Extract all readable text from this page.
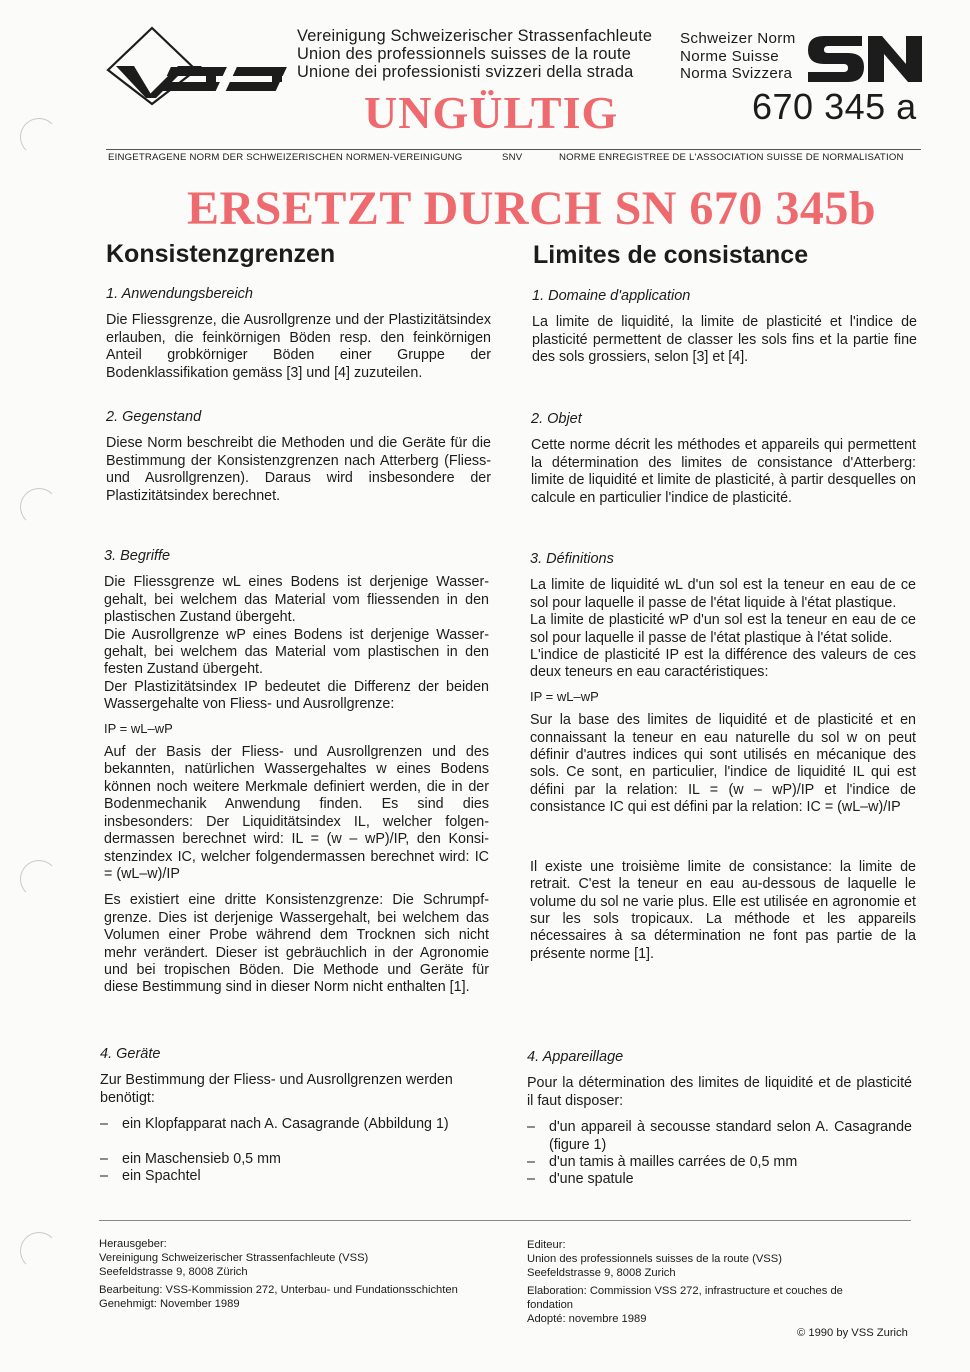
Vereinigung Schweizerischer Strassenfachleute
Union des professionnels suisses de la route
Unione dei professionisti svizzeri della strada
Schweizer Norm
Norme Suisse
Norma Svizzera
670 345 a
UNGÜLTIG
EINGETRAGENE NORM DER SCHWEIZERISCHEN NORMEN-VEREINIGUNG	SNV	NORME ENREGISTREE DE L'ASSOCIATION SUISSE DE NORMALISATION
ERSETZT DURCH SN 670 345b
Konsistenzgrenzen	Limites de consistance

1. Anwendungsbereich

Die Fliessgrenze, die Ausrollgrenze und der Plastizitätsindex erlauben, die feinkörnigen Böden resp. den feinkörnigen Anteil grobkörniger Böden einer Gruppe der Bodenklassifikation gemäss [3] und [4] zuzuteilen.

2. Gegenstand

Diese Norm beschreibt die Methoden und die Geräte für die Bestimmung der Konsistenzgrenzen nach Atterberg (Fliess- und Ausrollgrenzen). Daraus wird insbesondere der Plastizitätsindex berechnet.

3. Begriffe

Die Fliessgrenze wL eines Bodens ist derjenige Wassergehalt, bei welchem das Material vom fliessenden in den plastischen Zustand übergeht.

Die Ausrollgrenze wP eines Bodens ist derjenige Wassergehalt, bei welchem das Material vom plastischen in den festen Zustand übergeht.

Der Plastizitätsindex IP bedeutet die Differenz der beiden Wassergehalte von Fliess- und Ausrollgrenze:

IP = wL–wP

Auf der Basis der Fliess- und Ausrollgrenzen und des bekannten, natürlichen Wassergehaltes w eines Bodens können noch weitere Merkmale definiert werden, die in der Bodenmechanik Anwendung finden. Es sind dies insbesonders: Der Liquiditätsindex IL, welcher folgendermassen berechnet wird: IL = (w – wP)/IP, den Konsistenzindex IC, welcher folgendermassen berechnet wird: IC = (wL–w)/IP

Es existiert eine dritte Konsistenzgrenze: Die Schrumpfgrenze. Dies ist derjenige Wassergehalt, bei welchem das Volumen einer Probe während dem Trocknen sich nicht mehr verändert. Dieser ist gebräuchlich in der Agronomie und bei tropischen Böden. Die Methode und Geräte für diese Bestimmung sind in dieser Norm nicht enthalten [1].

4. Geräte

Zur Bestimmung der Fliess- und Ausrollgrenzen werden benötigt:

– ein Klopfapparat nach A. Casagrande (Abbildung 1)

– ein Maschensieb 0,5 mm

– ein Spachtel

1. Domaine d'application

La limite de liquidité, la limite de plasticité et l'indice de plasticité permettent de classer les sols fins et la partie fine des sols grossiers, selon [3] et [4].

2. Objet

Cette norme décrit les méthodes et appareils qui permettent la détermination des limites de consistance d'Atterberg: limite de liquidité et limite de plasticité, à partir desquelles on calcule en particulier l'indice de plasticité.

3. Définitions

La limite de liquidité wL d'un sol est la teneur en eau de ce sol pour laquelle il passe de l'état liquide à l'état plastique.

La limite de plasticité wP d'un sol est la teneur en eau de ce sol pour laquelle il passe de l'état plastique à l'état solide.

L'indice de plasticité IP est la différence des valeurs de ces deux teneurs en eau caractéristiques:

IP = wL–wP

Sur la base des limites de liquidité et de plasticité et en connaissant la teneur en eau naturelle du sol w on peut définir d'autres indices qui sont utilisés en mécanique des sols. Ce sont, en particulier, l'indice de liquidité IL qui est défini par la relation: IL = (w – wP)/IP et l'indice de consistance IC qui est défini par la relation: IC = (wL–w)/IP

Il existe une troisième limite de consistance: la limite de retrait. C'est la teneur en eau au-dessous de laquelle le volume du sol ne varie plus. Elle est utilisée en agronomie et sur les sols tropicaux. La méthode et les appareils nécessaires à sa détermination ne font pas partie de la présente norme [1].

4. Appareillage

Pour la détermination des limites de liquidité et de plasticité il faut disposer:

– d'un appareil à secousse standard selon A. Casagrande (figure 1)

– d'un tamis à mailles carrées de 0,5 mm

– d'une spatule

Herausgeber:
Vereinigung Schweizerischer Strassenfachleute (VSS)
Seefeldstrasse 9, 8008 Zürich
Bearbeitung: VSS-Kommission 272, Unterbau- und Fundationsschichten
Genehmigt: November 1989
Editeur:
Union des professionnels suisses de la route (VSS)
Seefeldstrasse 9, 8008 Zurich
Elaboration: Commission VSS 272, infrastructure et couches de fondation
Adopté: novembre 1989
© 1990 by VSS Zurich
